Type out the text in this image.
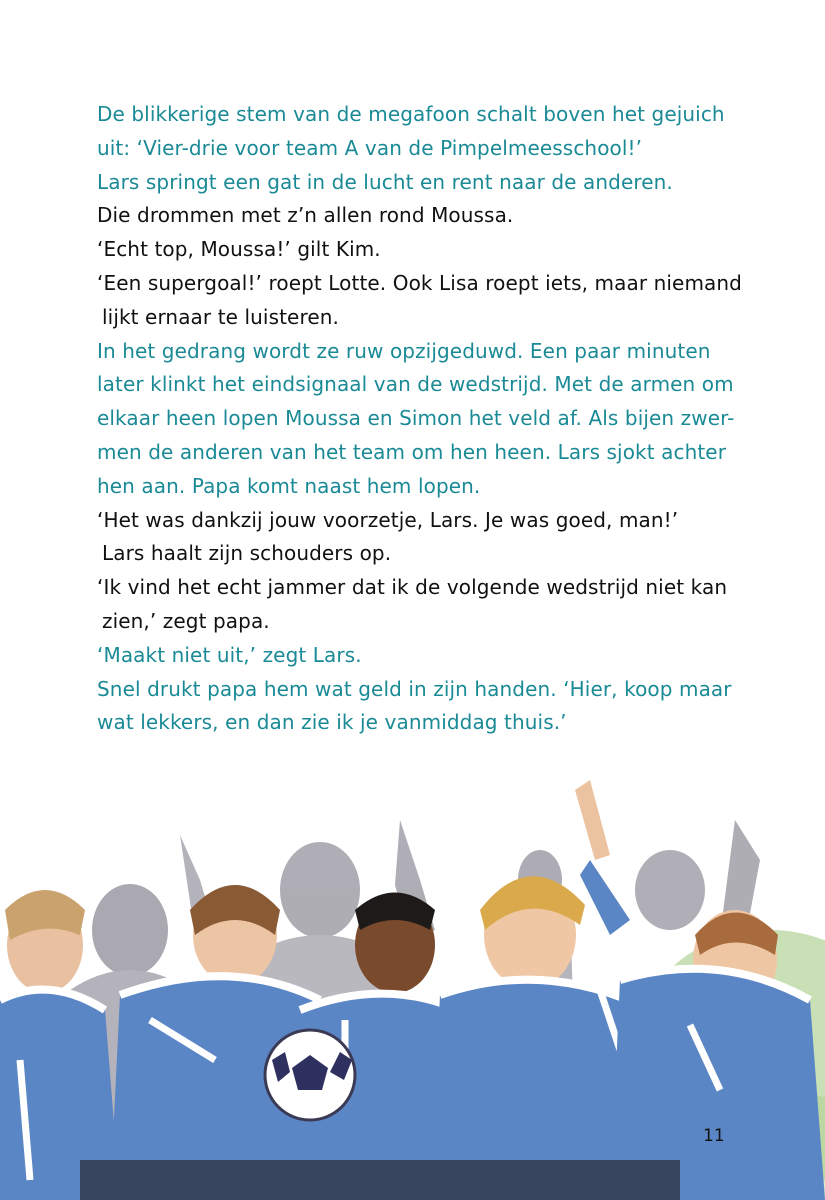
De blikkerige stem van de megafoon schalt boven het gejuich
uit: ‘Vier-drie voor team A van de Pimpelmeesschool!’
Lars springt een gat in de lucht en rent naar de anderen.
Die drommen met z’n allen rond Moussa.
‘Echt top, Moussa!’ gilt Kim.
‘Een supergoal!’ roept Lotte. Ook Lisa roept iets, maar niemand
lijkt ernaar te luisteren.
In het gedrang wordt ze ruw opzijgeduwd. Een paar minuten
later klinkt het eindsignaal van de wedstrijd. Met de armen om
elkaar heen lopen Moussa en Simon het veld af. Als bijen zwer-
men de anderen van het team om hen heen. Lars sjokt achter
hen aan. Papa komt naast hem lopen.
‘Het was dankzij jouw voorzetje, Lars. Je was goed, man!’
Lars haalt zijn schouders op.
‘Ik vind het echt jammer dat ik de volgende wedstrijd niet kan
zien,’ zegt papa.
‘Maakt niet uit,’ zegt Lars.
Snel drukt papa hem wat geld in zijn handen. ‘Hier, koop maar
wat lekkers, en dan zie ik je vanmiddag thuis.’
11
